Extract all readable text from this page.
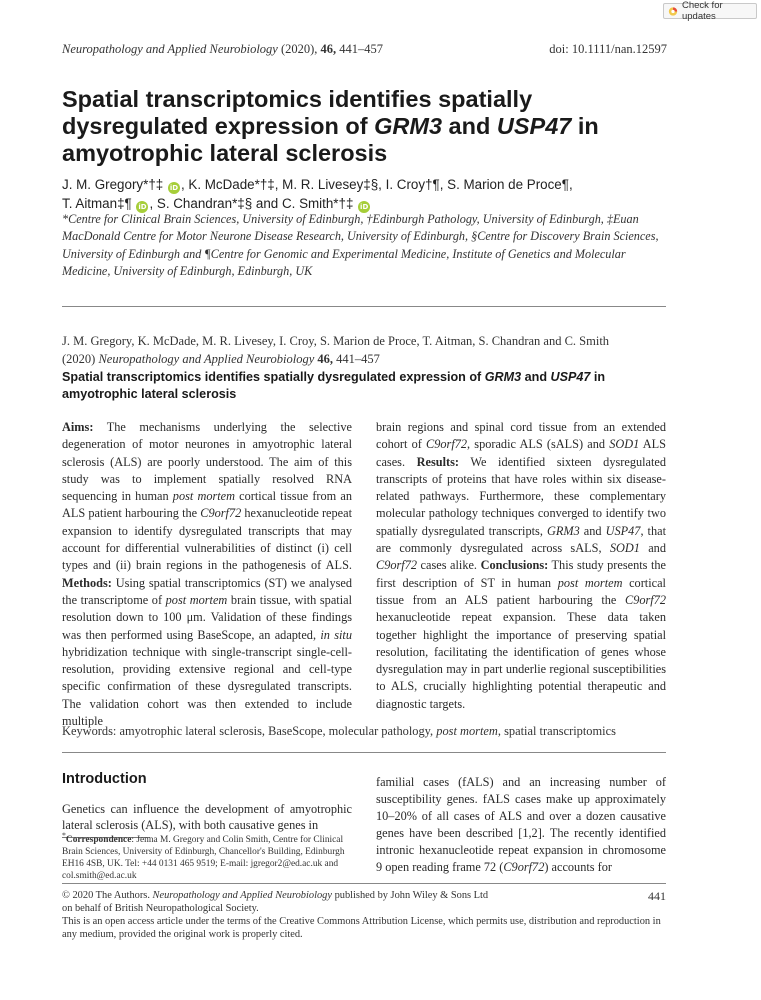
Check for updates
Neuropathology and Applied Neurobiology (2020), 46, 441–457	doi: 10.1111/nan.12597
Spatial transcriptomics identifies spatially dysregulated expression of GRM3 and USP47 in amyotrophic lateral sclerosis
J. M. Gregory*†‡ iD , K. McDade*†‡, M. R. Livesey‡§, I. Croy†¶, S. Marion de Proce¶,
T. Aitman‡¶ iD , S. Chandran*‡§ and C. Smith*†‡ iD
*Centre for Clinical Brain Sciences, University of Edinburgh, †Edinburgh Pathology, University of Edinburgh, ‡Euan MacDonald Centre for Motor Neurone Disease Research, University of Edinburgh, §Centre for Discovery Brain Sciences, University of Edinburgh and ¶Centre for Genomic and Experimental Medicine, Institute of Genetics and Molecular Medicine, University of Edinburgh, Edinburgh, UK
J. M. Gregory, K. McDade, M. R. Livesey, I. Croy, S. Marion de Proce, T. Aitman, S. Chandran and C. Smith
(2020) Neuropathology and Applied Neurobiology 46, 441–457
Spatial transcriptomics identifies spatially dysregulated expression of GRM3 and USP47 in amyotrophic lateral sclerosis
Aims: The mechanisms underlying the selective degeneration of motor neurones in amyotrophic lateral sclerosis (ALS) are poorly understood. The aim of this study was to implement spatially resolved RNA sequencing in human post mortem cortical tissue from an ALS patient harbouring the C9orf72 hexanucleotide repeat expansion to identify dysregulated transcripts that may account for differential vulnerabilities of distinct (i) cell types and (ii) brain regions in the pathogenesis of ALS. Methods: Using spatial transcriptomics (ST) we analysed the transcriptome of post mortem brain tissue, with spatial resolution down to 100 μm. Validation of these findings was then performed using BaseScope, an adapted, in situ hybridization technique with single-transcript single-cell-resolution, providing extensive regional and cell-type specific confirmation of these dysregulated transcripts. The validation cohort was then extended to include multiple
brain regions and spinal cord tissue from an extended cohort of C9orf72, sporadic ALS (sALS) and SOD1 ALS cases. Results: We identified sixteen dysregulated transcripts of proteins that have roles within six disease-related pathways. Furthermore, these complementary molecular pathology techniques converged to identify two spatially dysregulated transcripts, GRM3 and USP47, that are commonly dysregulated across sALS, SOD1 and C9orf72 cases alike. Conclusions: This study presents the first description of ST in human post mortem cortical tissue from an ALS patient harbouring the C9orf72 hexanucleotide repeat expansion. These data taken together highlight the importance of preserving spatial resolution, facilitating the identification of genes whose dysregulation may in part underlie regional susceptibilities to ALS, crucially highlighting potential therapeutic and diagnostic targets.
Keywords: amyotrophic lateral sclerosis, BaseScope, molecular pathology, post mortem, spatial transcriptomics
Introduction
Genetics can influence the development of amyotrophic lateral sclerosis (ALS), with both causative genes in
familial cases (fALS) and an increasing number of susceptibility genes. fALS cases make up approximately 10–20% of all cases of ALS and over a dozen causative genes have been described [1,2]. The recently identified intronic hexanucleotide repeat expansion in chromosome 9 open reading frame 72 (C9orf72) accounts for
*Correspondence: Jenna M. Gregory and Colin Smith, Centre for Clinical Brain Sciences, University of Edinburgh, Chancellor's Building, Edinburgh EH16 4SB, UK. Tel: +44 0131 465 9519; E-mail: jgregor2@ed.ac.uk and col.smith@ed.ac.uk
© 2020 The Authors. Neuropathology and Applied Neurobiology published by John Wiley & Sons Ltd
on behalf of British Neuropathological Society.
This is an open access article under the terms of the Creative Commons Attribution License, which permits use, distribution and reproduction in any medium, provided the original work is properly cited.
441
